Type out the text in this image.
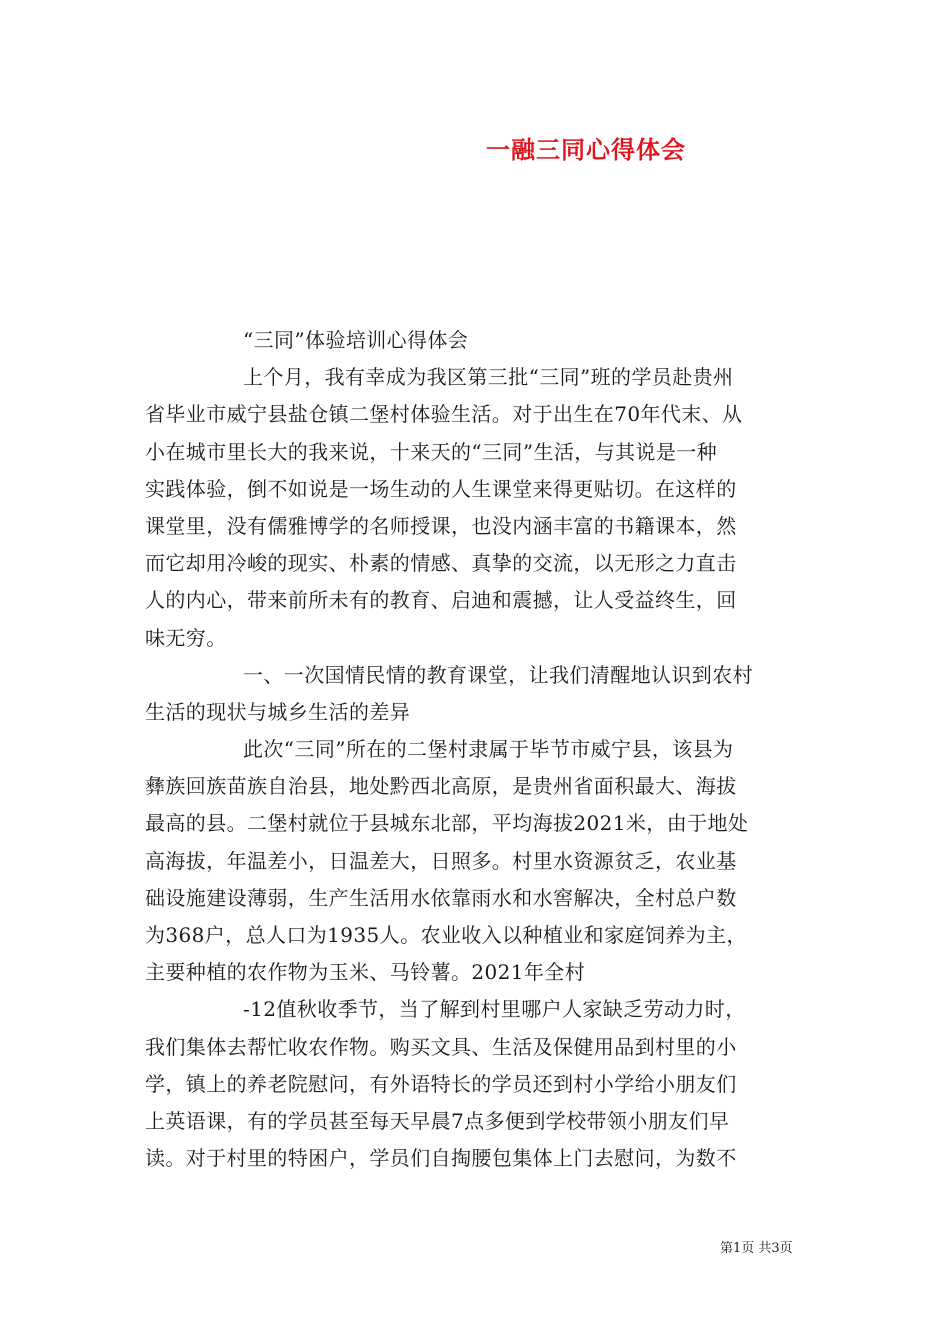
一融三同心得体会
“三同”体验培训心得体会
上个月，我有幸成为我区第三批“三同”班的学员赴贵州
省毕业市威宁县盐仓镇二堡村体验生活。对于出生在70年代末、从
小在城市里长大的我来说，十来天的“三同”生活，与其说是一种
实践体验，倒不如说是一场生动的人生课堂来得更贴切。在这样的
课堂里，没有儒雅博学的名师授课，也没内涵丰富的书籍课本，然
而它却用冷峻的现实、朴素的情感、真挚的交流，以无形之力直击
人的内心，带来前所未有的教育、启迪和震撼，让人受益终生，回
味无穷。
一、一次国情民情的教育课堂，让我们清醒地认识到农村
生活的现状与城乡生活的差异
此次“三同”所在的二堡村隶属于毕节市威宁县，该县为
彝族回族苗族自治县，地处黔西北高原，是贵州省面积最大、海拔
最高的县。二堡村就位于县城东北部，平均海拔2021米，由于地处
高海拔，年温差小，日温差大，日照多。村里水资源贫乏，农业基
础设施建设薄弱，生产生活用水依靠雨水和水窖解决，全村总户数
为368户，总人口为1935人。农业收入以种植业和家庭饲养为主，
主要种植的农作物为玉米、马铃薯。2021年全村
-12值秋收季节，当了解到村里哪户人家缺乏劳动力时，
我们集体去帮忙收农作物。购买文具、生活及保健用品到村里的小
学，镇上的养老院慰问，有外语特长的学员还到村小学给小朋友们
上英语课，有的学员甚至每天早晨7点多便到学校带领小朋友们早
读。对于村里的特困户，学员们自掏腰包集体上门去慰问，为数不
第1页 共3页
